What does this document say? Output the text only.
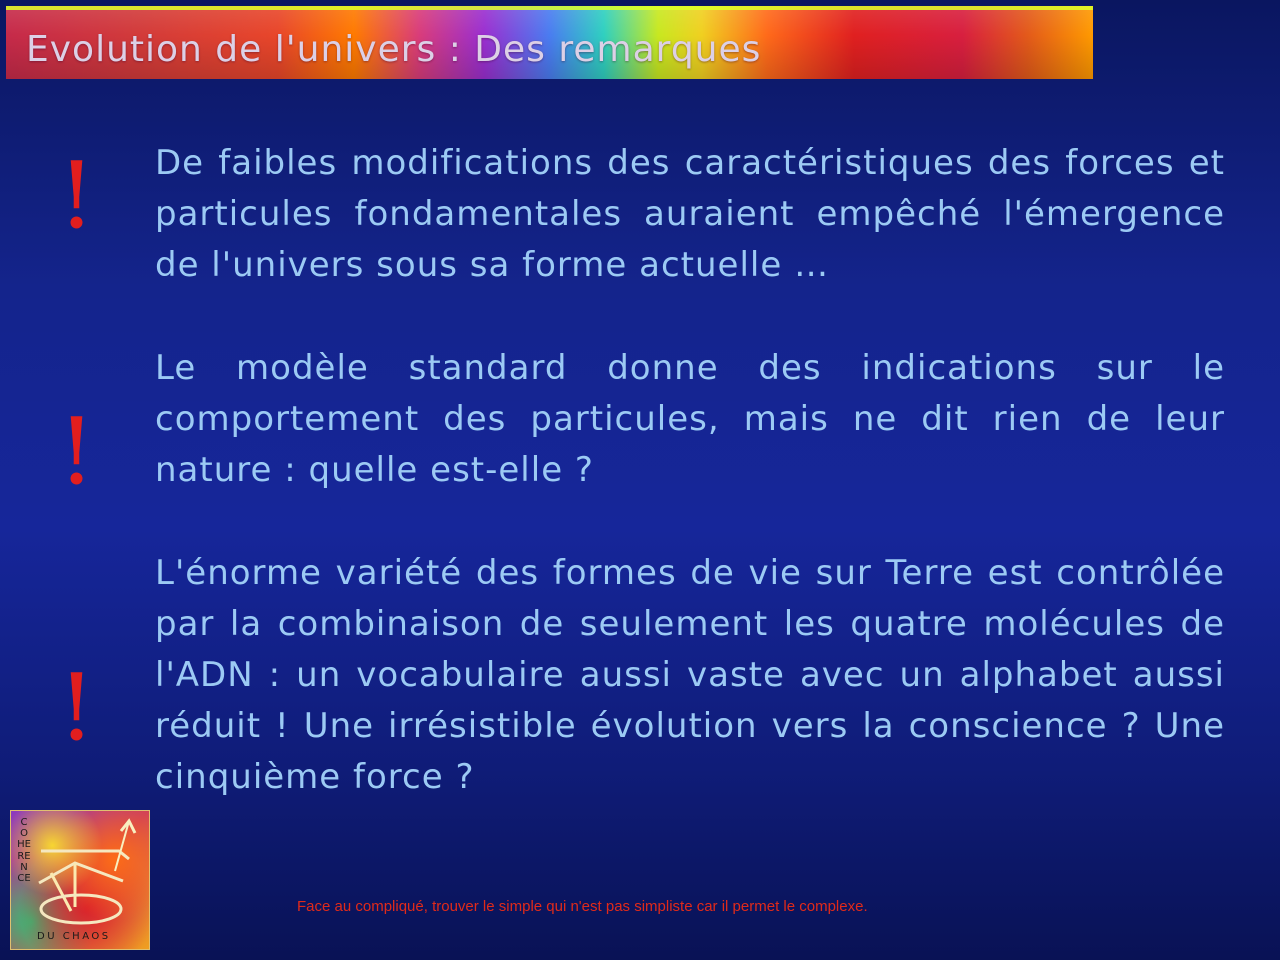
Evolution de l'univers : Des remarques
!
!
!

De faibles modifications des caractéristiques des forces et particules fondamentales auraient empêché l'émergence de l'univers sous sa forme actuelle …

Le modèle standard donne des indications sur le comportement des particules, mais ne dit rien de leur nature : quelle est-elle ?

L'énorme variété des formes de vie sur Terre est contrôlée par la combinaison de seulement les quatre molécules de l'ADN : un vocabulaire aussi vaste avec un alphabet aussi réduit ! Une irrésistible évolution vers la conscience ? Une cinquième force ?

COHERENCE
DU CHAOS
Face au compliqué, trouver le simple qui n'est pas simpliste car il permet le complexe.
